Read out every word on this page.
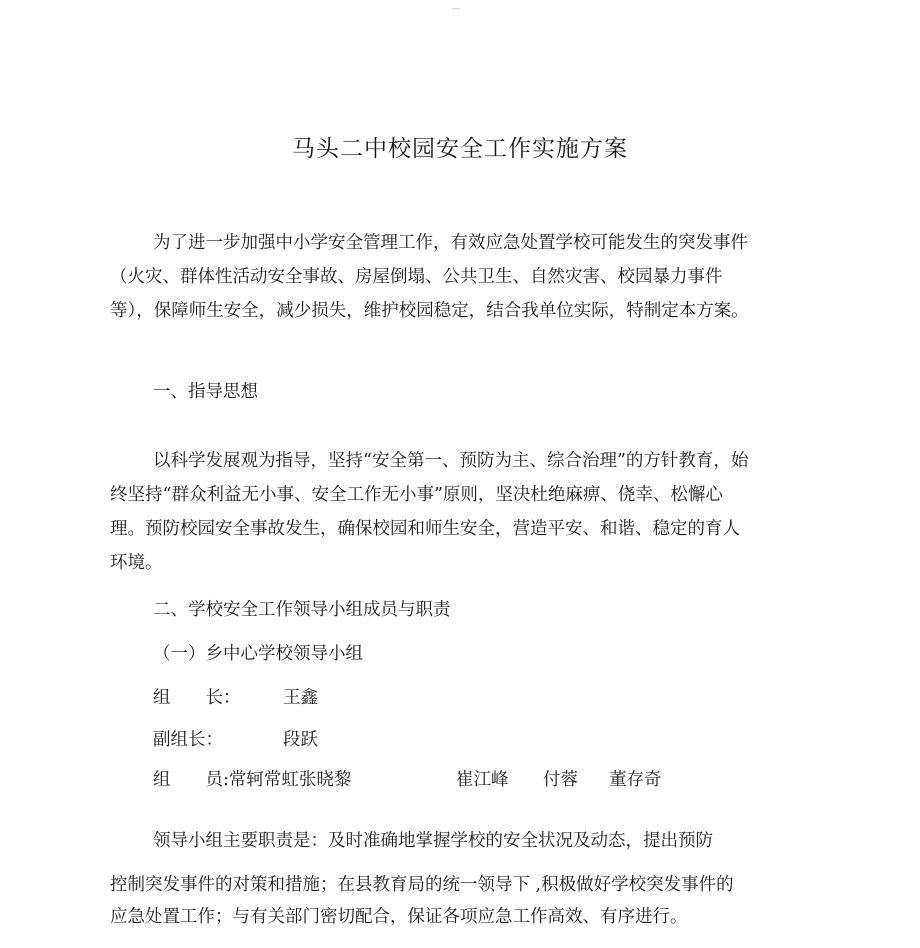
—
马头二中校园安全工作实施方案

为了进一步加强中小学安全管理工作，有效应急处置学校可能发生的突发事件（火灾、群体性活动安全事故、房屋倒塌、公共卫生、自然灾害、校园暴力事件等），保障师生安全，减少损失，维护校园稳定，结合我单位实际，特制定本方案。

一、指导思想

以科学发展观为指导，坚持“安全第一、预防为主、综合治理”的方针教育，始终坚持“群众利益无小事、安全工作无小事”原则，坚决杜绝麻痹、侥幸、松懈心理。预防校园安全事故发生，确保校园和师生安全，营造平安、和谐、稳定的育人环境。

二、学校安全工作领导小组成员与职责
（一）乡中心学校领导小组
组　　长： 王鑫
副组长：	段跃
组　　员:常轲常虹张晓黎	崔江峰 付蓉 董存奇
领导小组主要职责是：及时准确地掌握学校的安全状况及动态，提出预防
控制突发事件的对策和措施；在县教育局的统一领导下 ,积极做好学校突发事件的
应急处置工作；与有关部门密切配合，保证各项应急工作高效、有序进行。
